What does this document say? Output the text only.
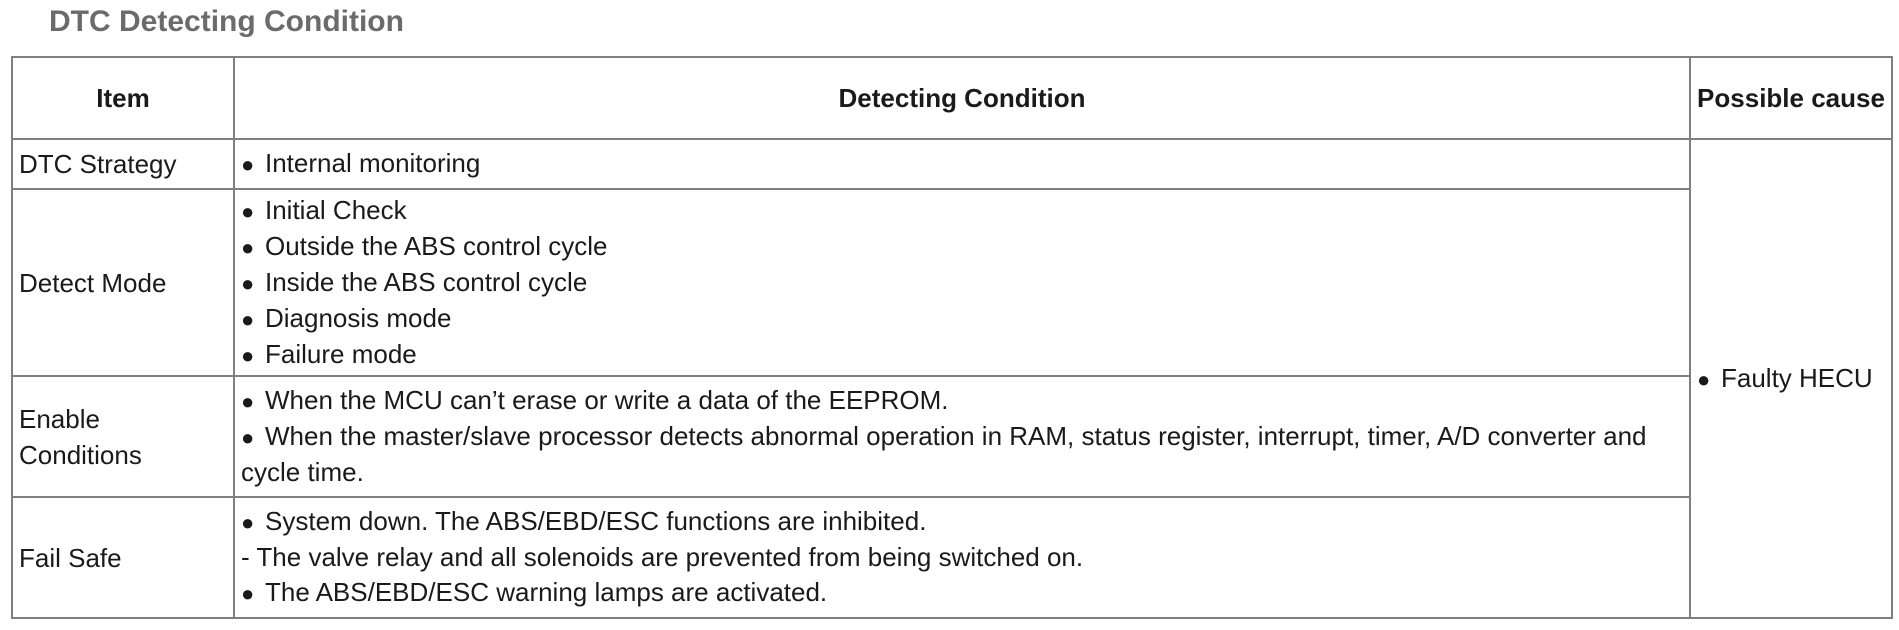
DTC Detecting Condition
Item	Detecting Condition	Possible cause
DTC Strategy	● Internal monitoring	● Faulty HECU
Detect Mode	● Initial Check
● Outside the ABS control cycle
● Inside the ABS control cycle
● Diagnosis mode
● Failure mode	

Enable Conditions	● When the MCU can’t erase or write a data of the EEPROM.
● When the master/slave processor detects abnormal operation in RAM, status register, interrupt, timer, A/D converter and cycle time.	

Fail Safe	● System down. The ABS/EBD/ESC functions are inhibited.
- The valve relay and all solenoids are prevented from being switched on.
● The ABS/EBD/ESC warning lamps are activated.	
